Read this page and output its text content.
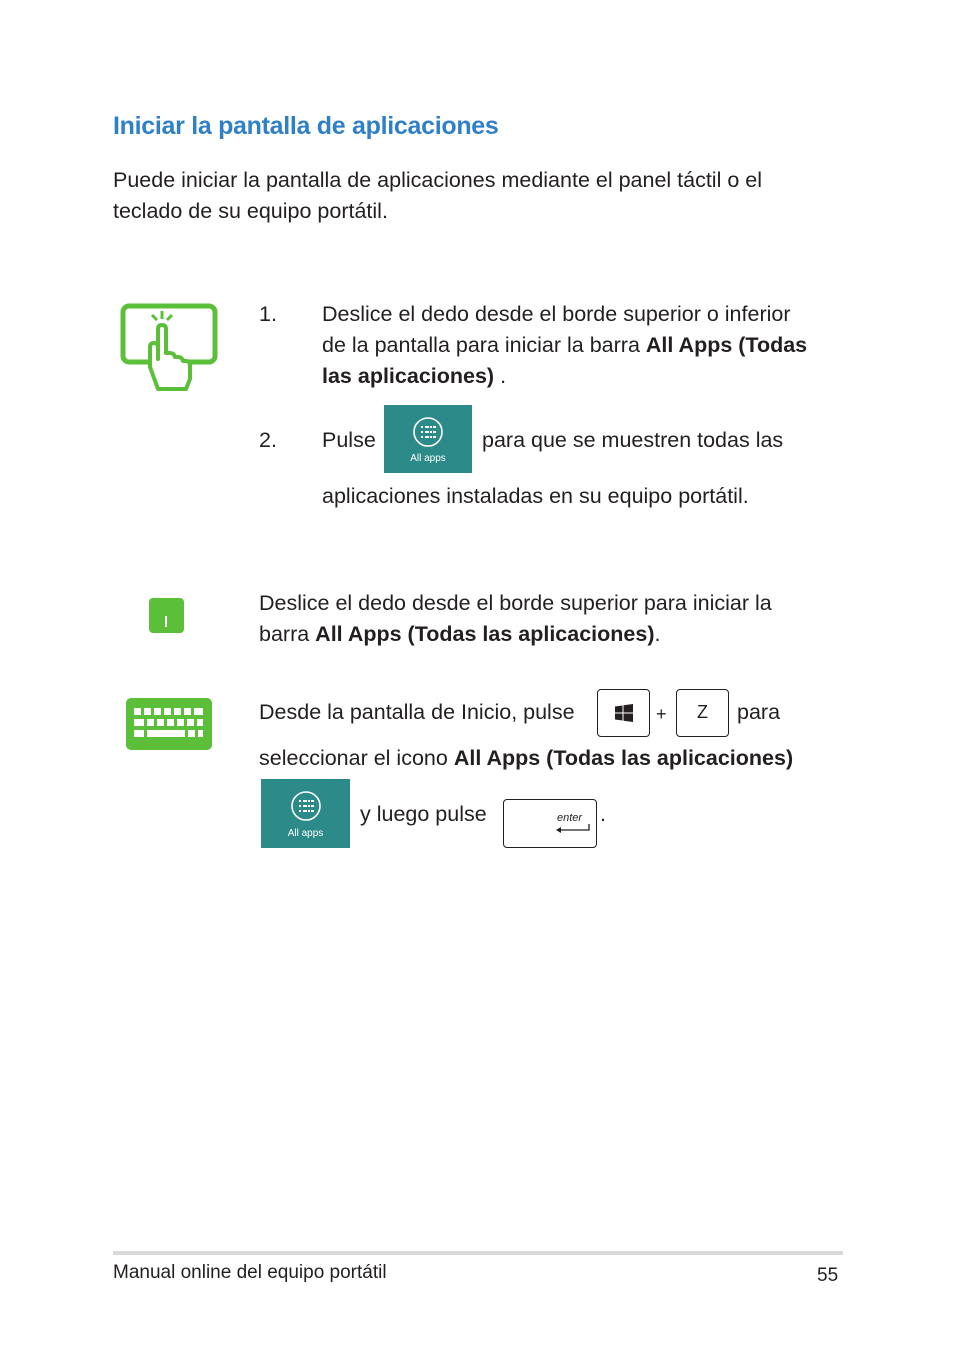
Iniciar la pantalla de aplicaciones

Puede iniciar la pantalla de aplicaciones mediante el panel táctil o el teclado de su equipo portátil.

1. Deslice el dedo desde el borde superior o inferior
de la pantalla para iniciar la barra All Apps (Todas
las aplicaciones) .
2. Pulse
All apps
para que se muestren todas las
aplicaciones instaladas en su equipo portátil.
Deslice el dedo desde el borde superior para iniciar la
barra All Apps (Todas las aplicaciones).
Desde la pantalla de Inicio, pulse	+	Z	para
seleccionar el icono All Apps (Todas las aplicaciones)
All apps
y luego pulse	enter .
Manual online del equipo portátil	55
